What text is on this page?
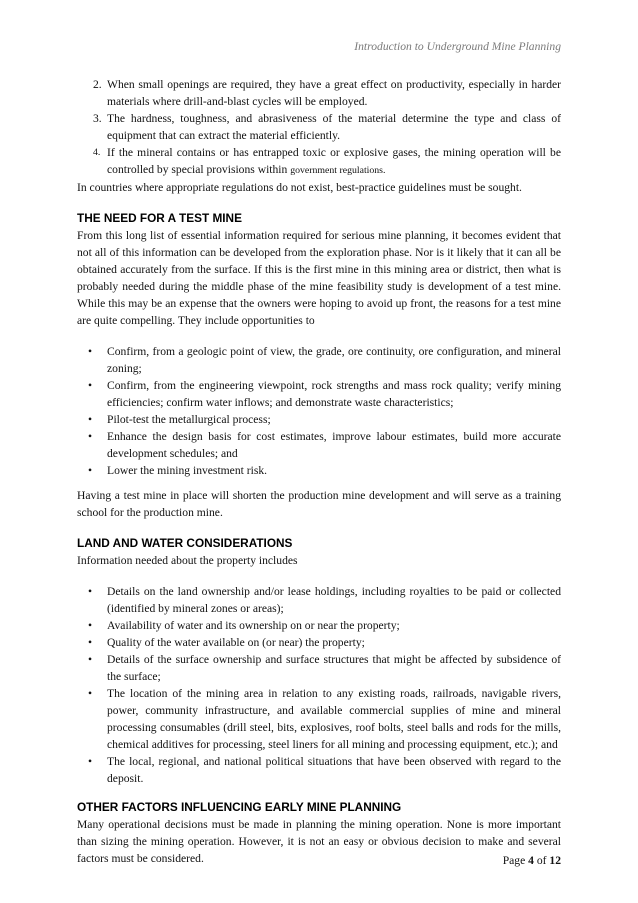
Introduction to Underground Mine Planning
2. When small openings are required, they have a great effect on productivity, especially in harder materials where drill-and-blast cycles will be employed.
3. The hardness, toughness, and abrasiveness of the material determine the type and class of equipment that can extract the material efficiently.
4. If the mineral contains or has entrapped toxic or explosive gases, the mining operation will be controlled by special provisions within government regulations.

In countries where appropriate regulations do not exist, best-practice guidelines must be sought.

THE NEED FOR A TEST MINE

From this long list of essential information required for serious mine planning, it becomes evident that not all of this information can be developed from the exploration phase. Nor is it likely that it can all be obtained accurately from the surface. If this is the first mine in this mining area or district, then what is probably needed during the middle phase of the mine feasibility study is development of a test mine. While this may be an expense that the owners were hoping to avoid up front, the reasons for a test mine are quite compelling. They include opportunities to

• Confirm, from a geologic point of view, the grade, ore continuity, ore configuration, and mineral zoning;
• Confirm, from the engineering viewpoint, rock strengths and mass rock quality; verify mining efficiencies; confirm water inflows; and demonstrate waste characteristics;
• Pilot-test the metallurgical process;
• Enhance the design basis for cost estimates, improve labour estimates, build more accurate development schedules; and
• Lower the mining investment risk.

Having a test mine in place will shorten the production mine development and will serve as a training school for the production mine.

LAND AND WATER CONSIDERATIONS

Information needed about the property includes

• Details on the land ownership and/or lease holdings, including royalties to be paid or collected (identified by mineral zones or areas);
• Availability of water and its ownership on or near the property;
• Quality of the water available on (or near) the property;
• Details of the surface ownership and surface structures that might be affected by subsidence of the surface;
• The location of the mining area in relation to any existing roads, railroads, navigable rivers, power, community infrastructure, and available commercial supplies of mine and mineral processing consumables (drill steel, bits, explosives, roof bolts, steel balls and rods for the mills, chemical additives for processing, steel liners for all mining and processing equipment, etc.); and
• The local, regional, and national political situations that have been observed with regard to the deposit.
OTHER FACTORS INFLUENCING EARLY MINE PLANNING

Many operational decisions must be made in planning the mining operation. None is more important than sizing the mining operation. However, it is not an easy or obvious decision to make and several factors must be considered.	Page 4 of 12
